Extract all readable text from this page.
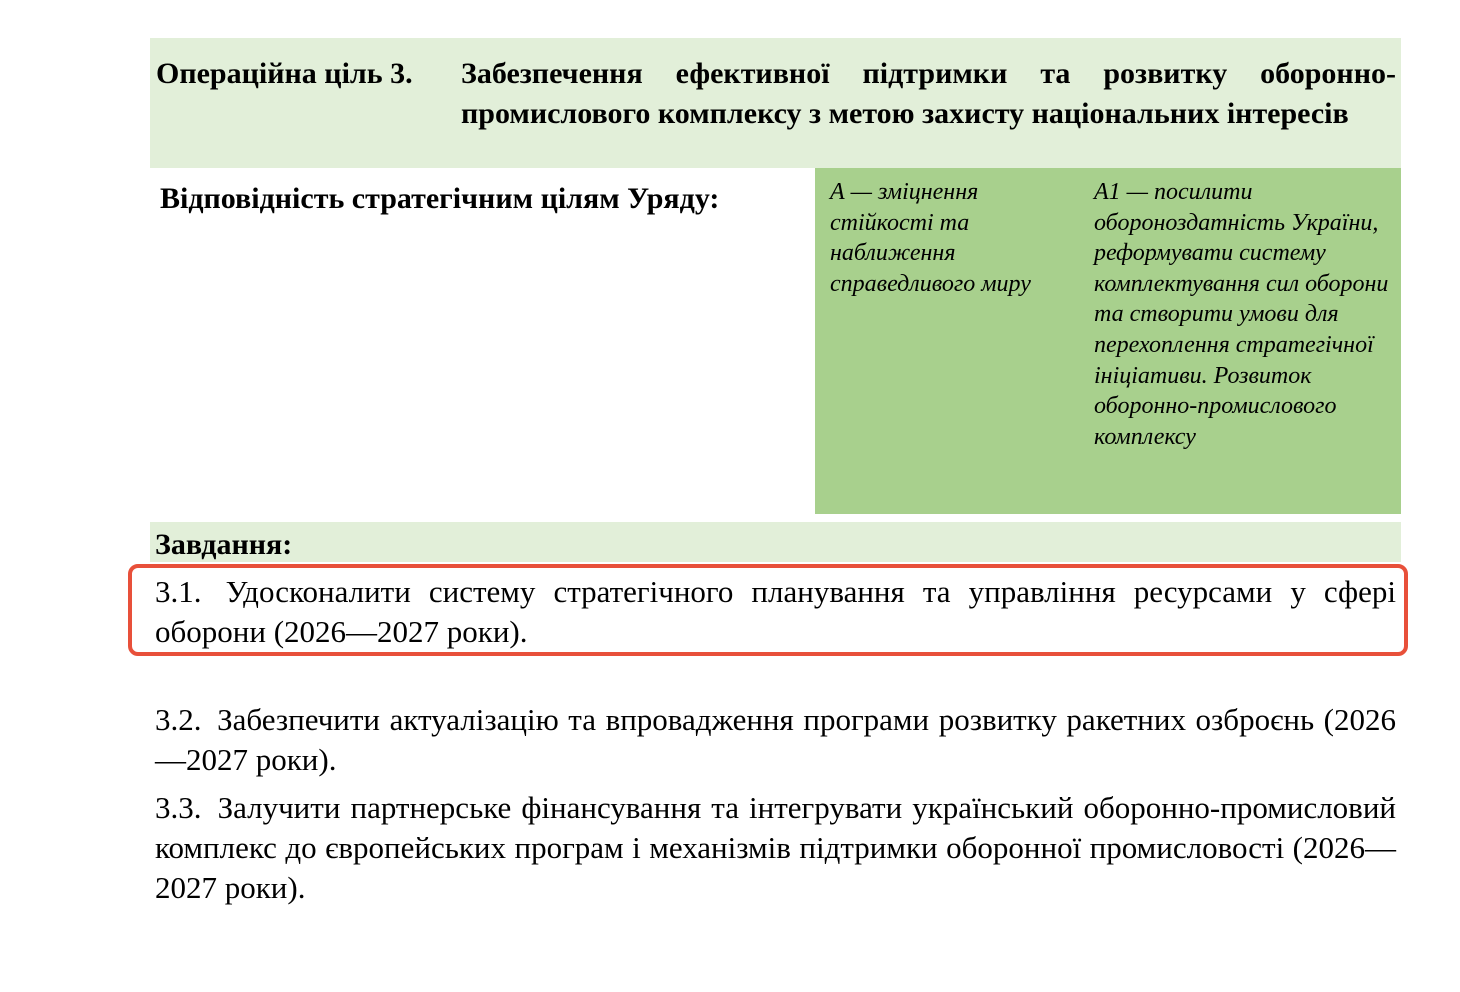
Операційна ціль 3. Забезпечення ефективної підтримки та розвитку оборонно-промислового комплексу з метою захисту національних інтересів
Відповідність стратегічним цілям Уряду:	А — зміцнення стійкості та наближення справедливого миру
А1 — посилити обороноздатність України, реформувати систему комплектування сил оборони та створити умови для перехоплення стратегічної ініціативи. Розвиток оборонно-промислового комплексу
Завдання:
3.1. Удосконалити систему стратегічного планування та управління ресурсами у сфері оборони (2026—2027 роки).
3.2. Забезпечити актуалізацію та впровадження програми розвитку ракетних озброєнь (2026—2027 роки).
3.3. Залучити партнерське фінансування та інтегрувати український оборонно-промисловий комплекс до європейських програм і механізмів підтримки оборонної промисловості (2026—2027 роки).
